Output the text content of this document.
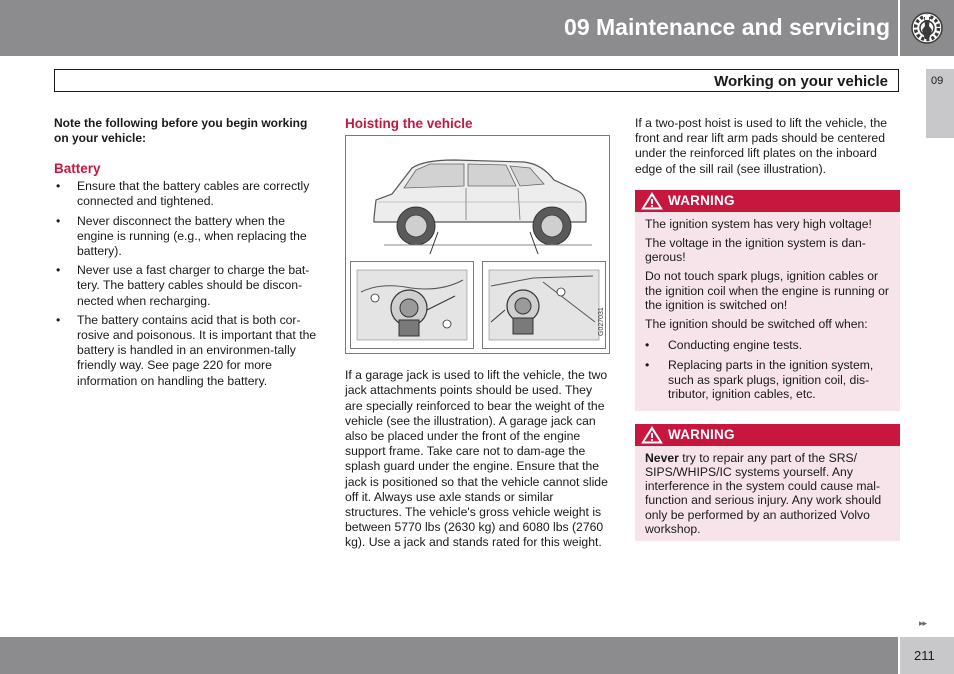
09 Maintenance and servicing
Working on your vehicle	09
Note the following before you begin working on your vehicle:
Battery
• Ensure that the battery cables are correctly connected and tightened.
• Never disconnect the battery when the engine is running (e.g., when replacing the battery).
• Never use a fast charger to charge the bat-tery. The battery cables should be discon-nected when recharging.
• The battery contains acid that is both cor-rosive and poisonous. It is important that the battery is handled in an environmen-tally friendly way. See page 220 for more information on handling the battery.
Hoisting the vehicle
G027031
If a garage jack is used to lift the vehicle, the two jack attachments points should be used. They are specially reinforced to bear the weight of the vehicle (see the illustration). A garage jack can also be placed under the front of the engine support frame. Take care not to dam-age the splash guard under the engine. Ensure that the jack is positioned so that the vehicle cannot slide off it. Always use axle stands or similar structures. The vehicle's gross vehicle weight is between 5770 lbs (2630 kg) and 6080 lbs (2760 kg). Use a jack and stands rated for this weight.
If a two-post hoist is used to lift the vehicle, the front and rear lift arm pads should be centered under the reinforced lift plates on the inboard edge of the sill rail (see illustration).
WARNING

The ignition system has very high voltage!

The voltage in the ignition system is dan-gerous!

Do not touch spark plugs, ignition cables or the ignition coil when the engine is running or the ignition is switched on!

The ignition should be switched off when:

• Conducting engine tests.
• Replacing parts in the ignition system, such as spark plugs, ignition coil, dis-tributor, ignition cables, etc.
WARNING

Never try to repair any part of the SRS/ SIPS/WHIPS/IC systems yourself. Any interference in the system could cause mal-function and serious injury. Any work should only be performed by an authorized Volvo workshop.

▸▸
211
